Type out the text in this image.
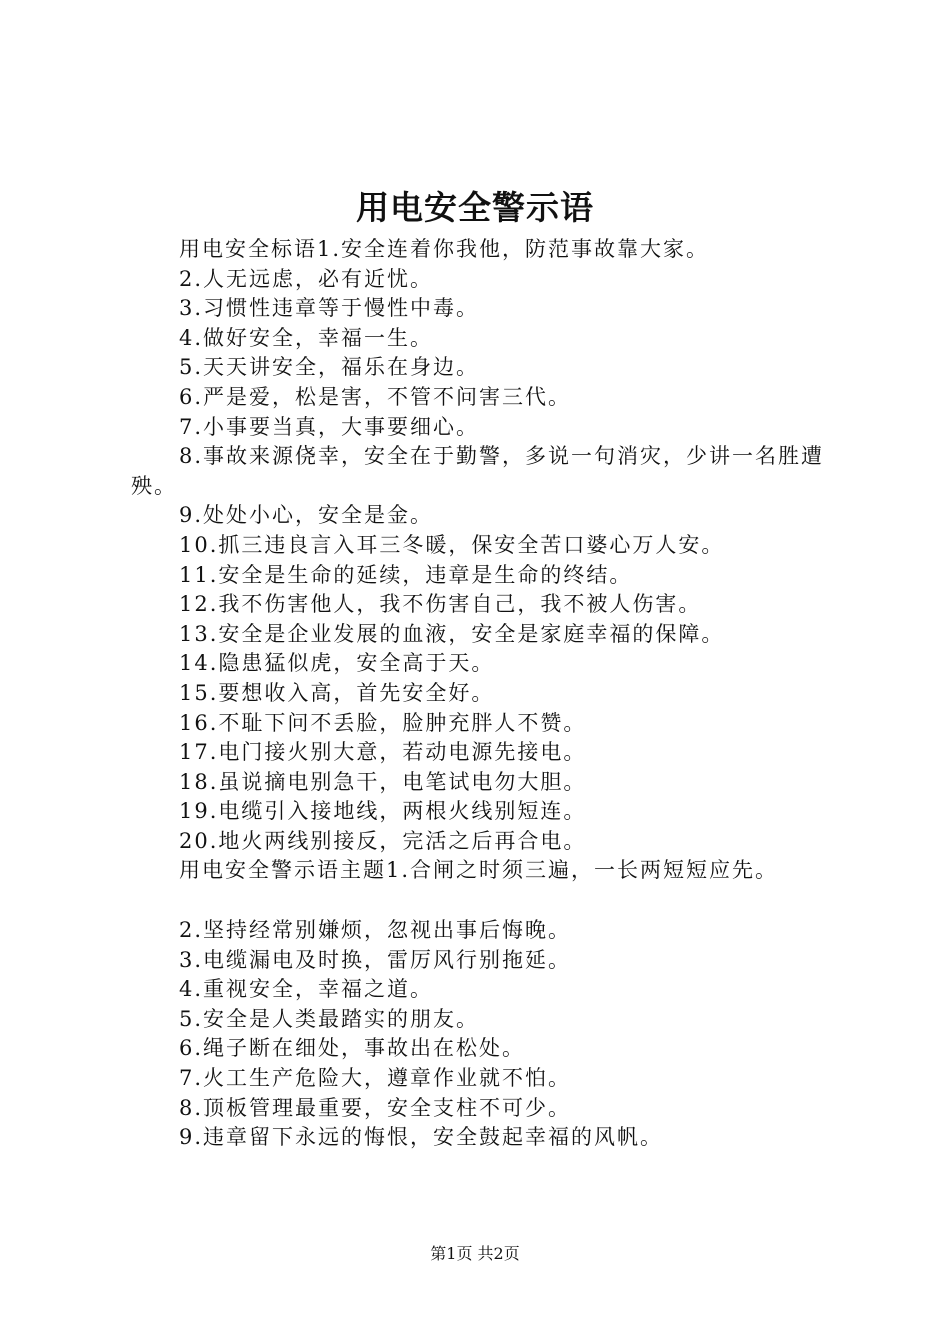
用电安全警示语

用电安全标语1.安全连着你我他，防范事故靠大家。

2.人无远虑，必有近忧。

3.习惯性违章等于慢性中毒。

4.做好安全，幸福一生。

5.天天讲安全，福乐在身边。

6.严是爱，松是害，不管不问害三代。

7.小事要当真，大事要细心。

8.事故来源侥幸，安全在于勤警，多说一句消灾，少讲一名胜遭殃。

9.处处小心，安全是金。

10.抓三违良言入耳三冬暖，保安全苦口婆心万人安。

11.安全是生命的延续，违章是生命的终结。

12.我不伤害他人，我不伤害自己，我不被人伤害。

13.安全是企业发展的血液，安全是家庭幸福的保障。

14.隐患猛似虎，安全高于天。

15.要想收入高，首先安全好。

16.不耻下问不丢脸，脸肿充胖人不赞。

17.电门接火别大意，若动电源先接电。

18.虽说摘电别急干，电笔试电勿大胆。

19.电缆引入接地线，两根火线别短连。

20.地火两线别接反，完活之后再合电。

用电安全警示语主题1.合闸之时须三遍，一长两短短应先。

2.坚持经常别嫌烦，忽视出事后悔晚。

3.电缆漏电及时换，雷厉风行别拖延。

4.重视安全，幸福之道。

5.安全是人类最踏实的朋友。

6.绳子断在细处，事故出在松处。

7.火工生产危险大，遵章作业就不怕。

8.顶板管理最重要，安全支柱不可少。

9.违章留下永远的悔恨，安全鼓起幸福的风帆。

第1页 共2页
